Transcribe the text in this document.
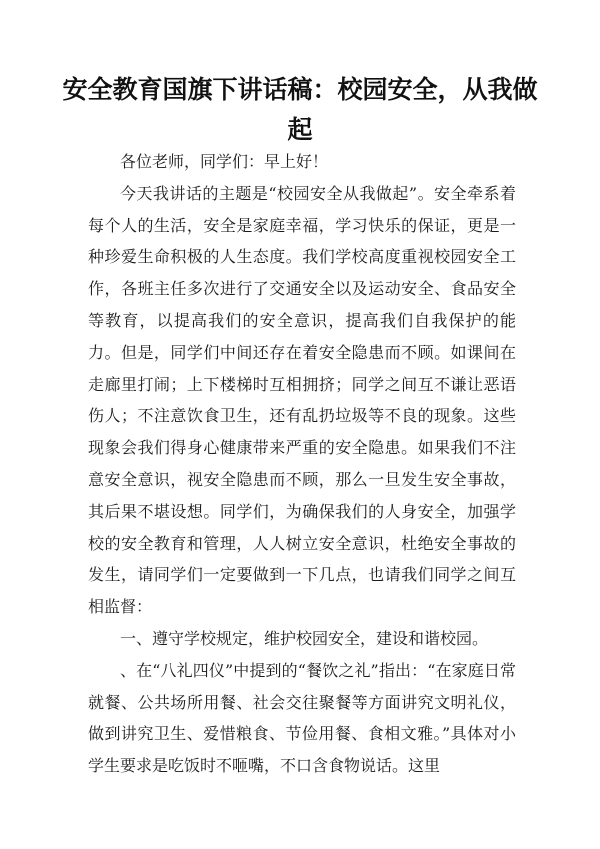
安全教育国旗下讲话稿：校园安全，从我做起

各位老师，同学们：早上好！

今天我讲话的主题是“校园安全从我做起”。安全牵系着每个人的生活，安全是家庭幸福，学习快乐的保证，更是一种珍爱生命积极的人生态度。我们学校高度重视校园安全工作，各班主任多次进行了交通安全以及运动安全、食品安全等教育，以提高我们的安全意识，提高我们自我保护的能力。但是，同学们中间还存在着安全隐患而不顾。如课间在走廊里打闹；上下楼梯时互相拥挤；同学之间互不谦让恶语伤人；不注意饮食卫生，还有乱扔垃圾等不良的现象。这些现象会我们得身心健康带来严重的安全隐患。如果我们不注意安全意识，视安全隐患而不顾，那么一旦发生安全事故，其后果不堪设想。同学们，为确保我们的人身安全，加强学校的安全教育和管理，人人树立安全意识，杜绝安全事故的发生，请同学们一定要做到一下几点，也请我们同学之间互相监督：

一、遵守学校规定，维护校园安全，建设和谐校园。

、在“八礼四仪”中提到的“餐饮之礼”指出：“在家庭日常就餐、公共场所用餐、社会交往聚餐等方面讲究文明礼仪，做到讲究卫生、爱惜粮食、节俭用餐、食相文雅。”具体对小学生要求是吃饭时不咂嘴，不口含食物说话。这里
